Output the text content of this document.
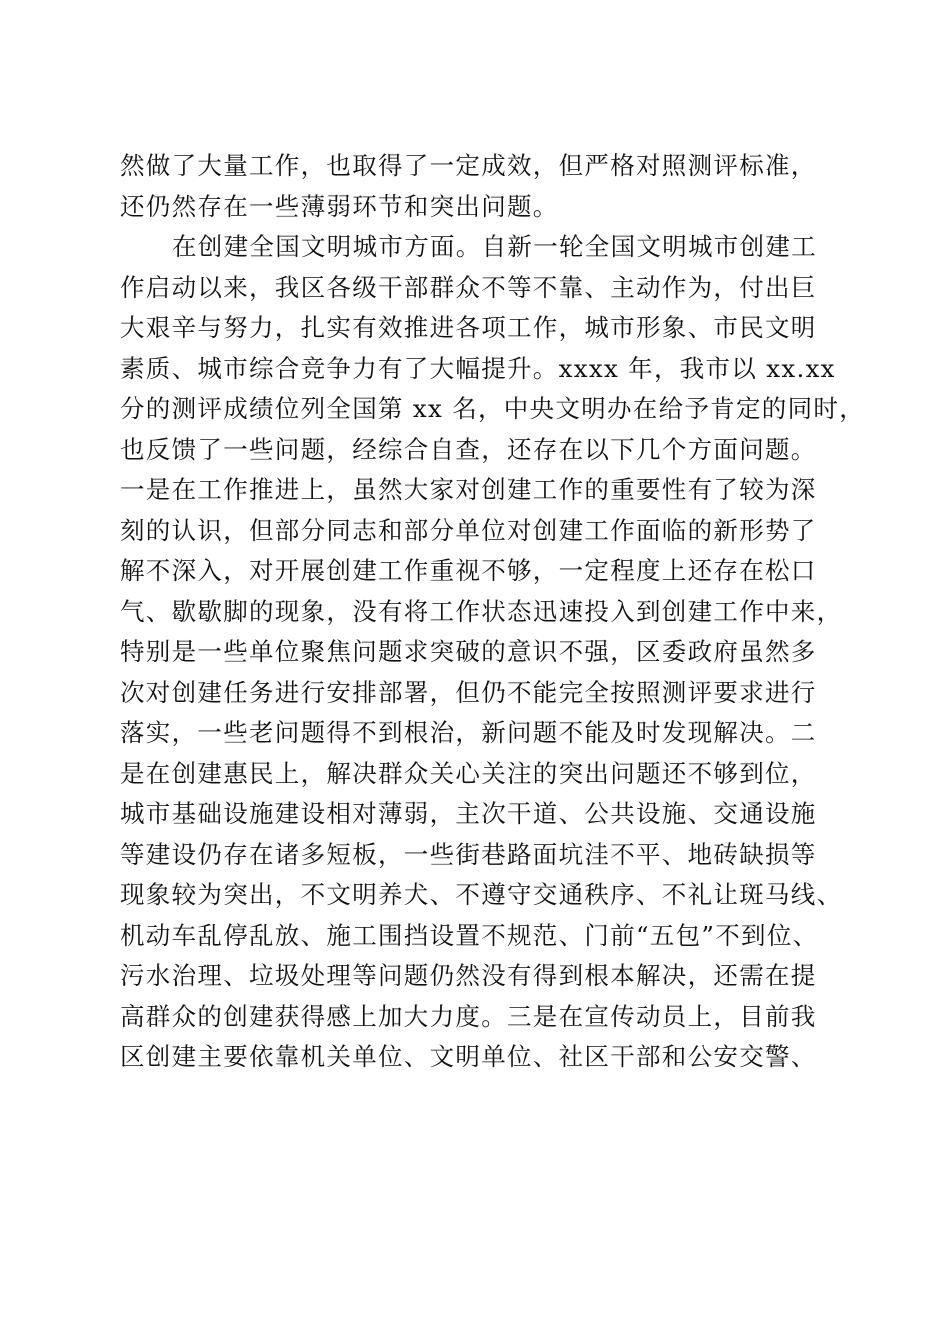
然做了大量工作，也取得了一定成效，但严格对照测评标准，
还仍然存在一些薄弱环节和突出问题。
在创建全国文明城市方面。自新一轮全国文明城市创建工
作启动以来，我区各级干部群众不等不靠、主动作为，付出巨
大艰辛与努力，扎实有效推进各项工作，城市形象、市民文明
素质、城市综合竞争力有了大幅提升。xxxx 年，我市以 xx.xx
分的测评成绩位列全国第 xx 名，中央文明办在给予肯定的同时，
也反馈了一些问题，经综合自查，还存在以下几个方面问题。
一是在工作推进上，虽然大家对创建工作的重要性有了较为深
刻的认识，但部分同志和部分单位对创建工作面临的新形势了
解不深入，对开展创建工作重视不够，一定程度上还存在松口
气、歇歇脚的现象，没有将工作状态迅速投入到创建工作中来，
特别是一些单位聚焦问题求突破的意识不强，区委政府虽然多
次对创建任务进行安排部署，但仍不能完全按照测评要求进行
落实，一些老问题得不到根治，新问题不能及时发现解决。二
是在创建惠民上，解决群众关心关注的突出问题还不够到位，
城市基础设施建设相对薄弱，主次干道、公共设施、交通设施
等建设仍存在诸多短板，一些街巷路面坑洼不平、地砖缺损等
现象较为突出，不文明养犬、不遵守交通秩序、不礼让斑马线、
机动车乱停乱放、施工围挡设置不规范、门前“五包”不到位、
污水治理、垃圾处理等问题仍然没有得到根本解决，还需在提
高群众的创建获得感上加大力度。三是在宣传动员上，目前我
区创建主要依靠机关单位、文明单位、社区干部和公安交警、
